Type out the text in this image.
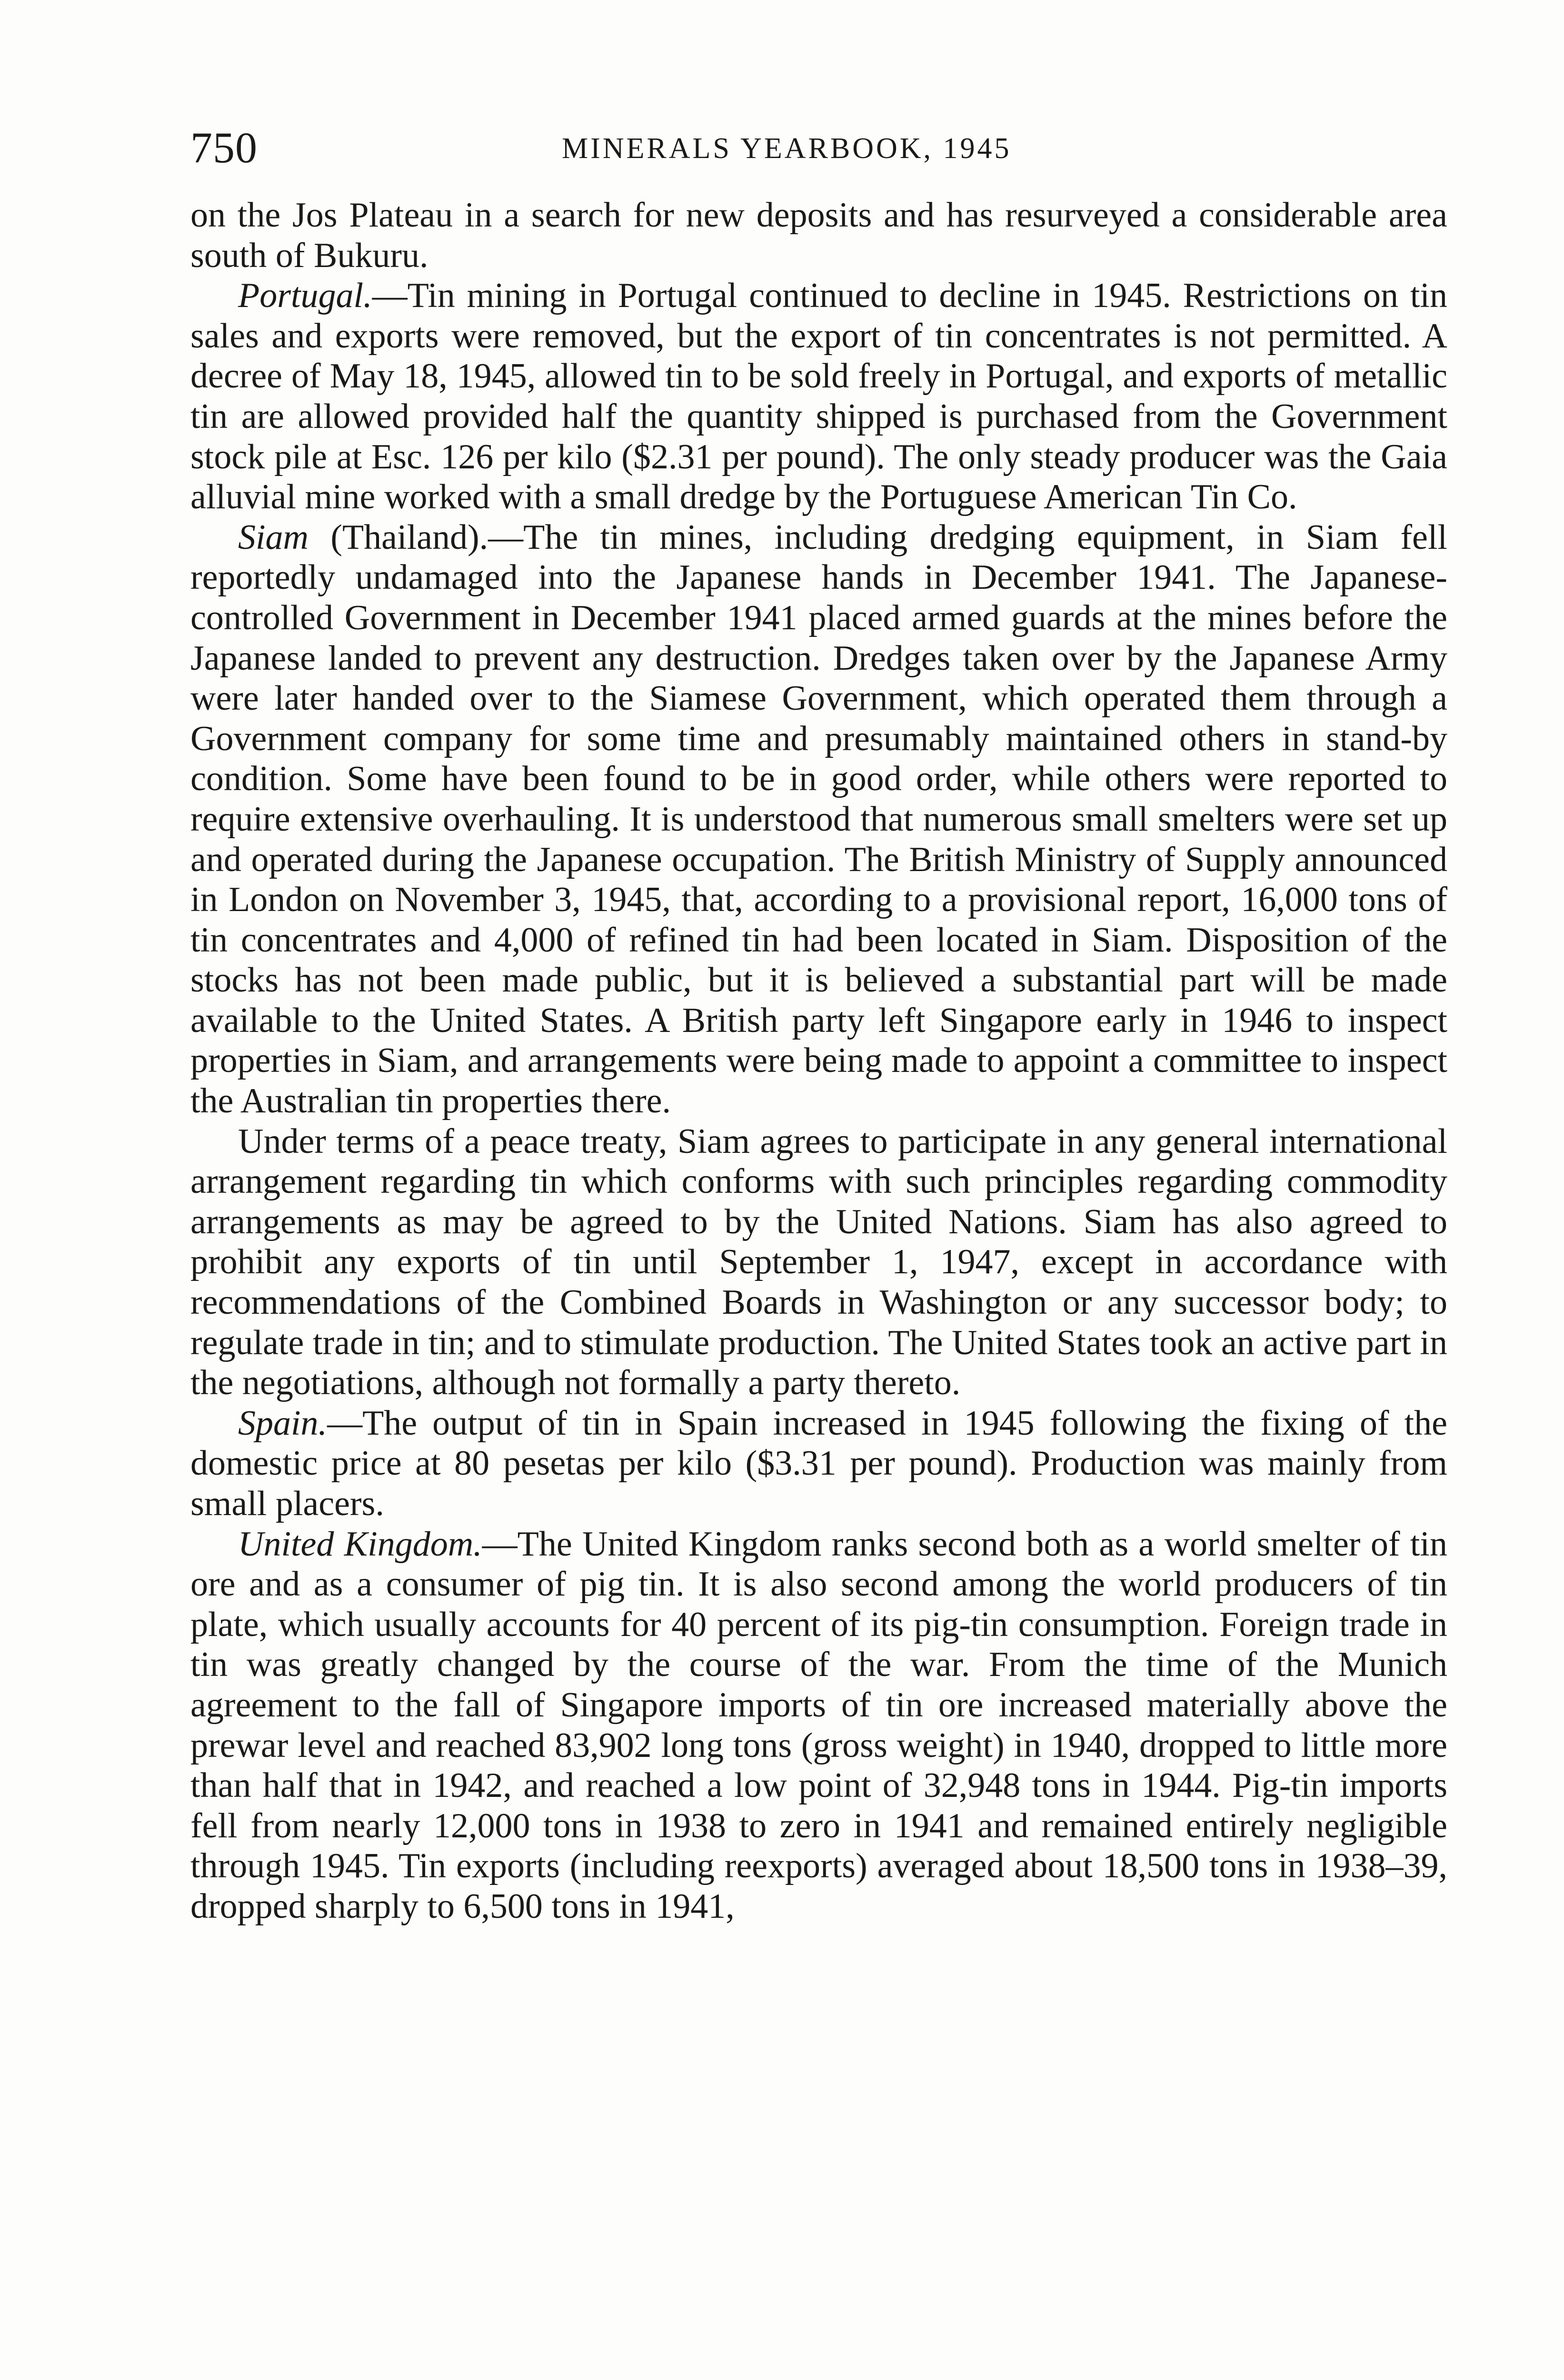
750	MINERALS YEARBOOK, 1945

on the Jos Plateau in a search for new deposits and has resurveyed a considerable area south of Bukuru.

Portugal.—Tin mining in Portugal continued to decline in 1945. Restrictions on tin sales and exports were removed, but the export of tin concentrates is not permitted. A decree of May 18, 1945, allowed tin to be sold freely in Portugal, and exports of metallic tin are allowed provided half the quantity shipped is purchased from the Government stock pile at Esc. 126 per kilo ($2.31 per pound). The only steady producer was the Gaia alluvial mine worked with a small dredge by the Portuguese American Tin Co.

Siam (Thailand).—The tin mines, including dredging equipment, in Siam fell reportedly undamaged into the Japanese hands in December 1941. The Japanese-controlled Government in December 1941 placed armed guards at the mines before the Japanese landed to prevent any destruction. Dredges taken over by the Japanese Army were later handed over to the Siamese Government, which operated them through a Government company for some time and presumably maintained others in stand-by condition. Some have been found to be in good order, while others were reported to require extensive overhauling. It is understood that numerous small smelters were set up and operated during the Japanese occupation. The British Ministry of Supply announced in London on November 3, 1945, that, according to a provisional report, 16,000 tons of tin concentrates and 4,000 of refined tin had been located in Siam. Disposition of the stocks has not been made public, but it is believed a substantial part will be made available to the United States. A British party left Singapore early in 1946 to inspect properties in Siam, and arrangements were being made to appoint a committee to inspect the Australian tin properties there.

Under terms of a peace treaty, Siam agrees to participate in any general international arrangement regarding tin which conforms with such principles regarding commodity arrangements as may be agreed to by the United Nations. Siam has also agreed to prohibit any exports of tin until September 1, 1947, except in accordance with recommendations of the Combined Boards in Washington or any successor body; to regulate trade in tin; and to stimulate production. The United States took an active part in the negotiations, although not formally a party thereto.

Spain.—The output of tin in Spain increased in 1945 following the fixing of the domestic price at 80 pesetas per kilo ($3.31 per pound). Production was mainly from small placers.

United Kingdom.—The United Kingdom ranks second both as a world smelter of tin ore and as a consumer of pig tin. It is also second among the world producers of tin plate, which usually accounts for 40 percent of its pig-tin consumption. Foreign trade in tin was greatly changed by the course of the war. From the time of the Munich agreement to the fall of Singapore imports of tin ore increased materially above the prewar level and reached 83,902 long tons (gross weight) in 1940, dropped to little more than half that in 1942, and reached a low point of 32,948 tons in 1944. Pig-tin imports fell from nearly 12,000 tons in 1938 to zero in 1941 and remained entirely negligible through 1945. Tin exports (including reexports) averaged about 18,500 tons in 1938–39, dropped sharply to 6,500 tons in 1941,
